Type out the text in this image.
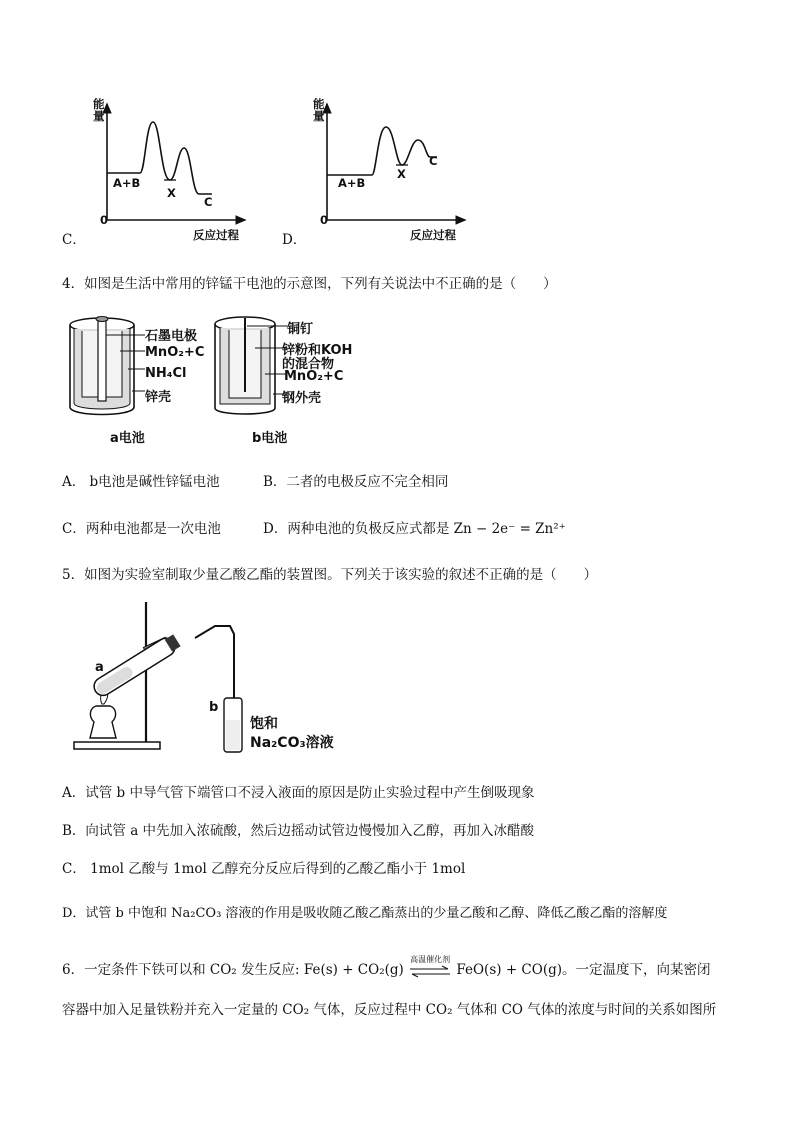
能量
0
A+B
X
C
反应过程
C．
能量
0
A+B
X
C
反应过程
D．
4．如图是生活中常用的锌锰干电池的示意图，下列有关说法中不正确的是（　　）
石墨电极
MnO₂+C
NH₄Cl
锌壳
a电池
铜钉
锌粉和KOH
的混合物
MnO₂+C
钢外壳
b电池
A． b电池是碱性锌锰电池	B．二者的电极反应不完全相同
C．两种电池都是一次电池	D．两种电池的负极反应式都是 Zn − 2e⁻ = Zn²⁺
5．如图为实验室制取少量乙酸乙酯的装置图。下列关于该实验的叙述不正确的是（　　）
a
b
饱和
Na₂CO₃溶液
A．试管 b 中导气管下端管口不浸入液面的原因是防止实验过程中产生倒吸现象
B．向试管 a 中先加入浓硫酸，然后边摇动试管边慢慢加入乙醇，再加入冰醋酸
C． 1mol 乙酸与 1mol 乙醇充分反应后得到的乙酸乙酯小于 1mol
D．试管 b 中饱和 Na₂CO₃ 溶液的作用是吸收随乙酸乙酯蒸出的少量乙酸和乙醇、降低乙酸乙酯的溶解度
6．一定条件下铁可以和 CO₂ 发生反应: Fe(s) + CO₂(g)
高温催化剂
FeO(s) + CO(g)。一定温度下，向某密闭
容器中加入足量铁粉并充入一定量的 CO₂ 气体，反应过程中 CO₂ 气体和 CO 气体的浓度与时间的关系如图所
